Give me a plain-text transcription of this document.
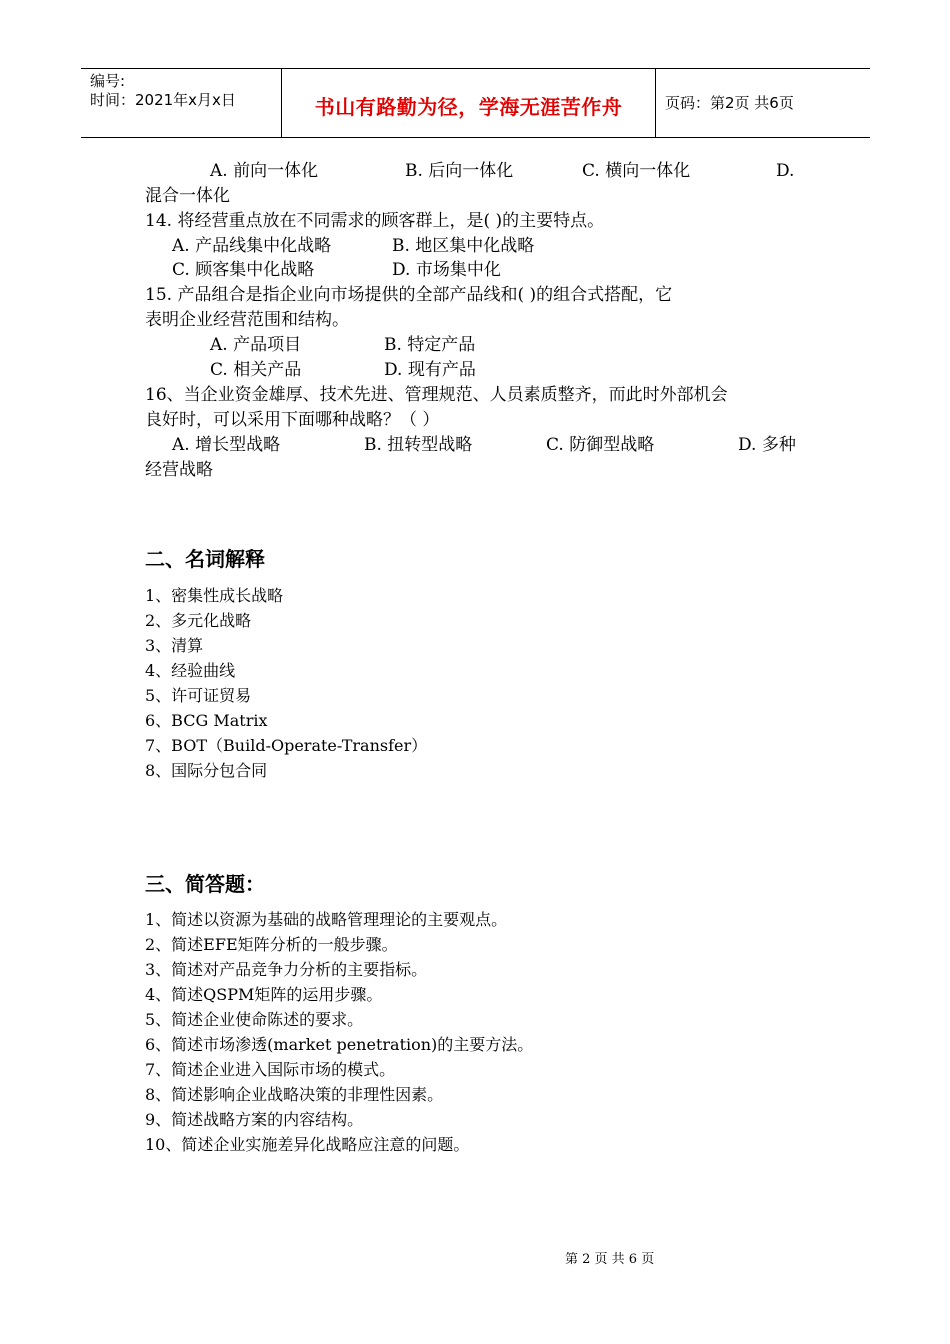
编号:
时间：2021年x月x日	书山有路勤为径，学海无涯苦作舟	页码：第2页 共6页
A. 前向一体化	B. 后向一体化	C. 横向一体化	D.
混合一体化
14. 将经营重点放在不同需求的顾客群上，是( )的主要特点。
A. 产品线集中化战略	B. 地区集中化战略
C. 顾客集中化战略	D. 市场集中化
15. 产品组合是指企业向市场提供的全部产品线和( )的组合式搭配，它
表明企业经营范围和结构。
A. 产品项目	B. 特定产品
C. 相关产品	D. 现有产品
16、当企业资金雄厚、技术先进、管理规范、人员素质整齐，而此时外部机会
良好时，可以采用下面哪种战略？（ ）
A. 增长型战略	B. 扭转型战略	C. 防御型战略	D. 多种
经营战略
二、名词解释
1、密集性成长战略
2、多元化战略
3、清算
4、经验曲线
5、许可证贸易
6、BCG Matrix
7、BOT（Build-Operate-Transfer）
8、国际分包合同
三、简答题：
1、简述以资源为基础的战略管理理论的主要观点。
2、简述EFE矩阵分析的一般步骤。
3、简述对产品竞争力分析的主要指标。
4、简述QSPM矩阵的运用步骤。
5、简述企业使命陈述的要求。
6、简述市场渗透(market penetration)的主要方法。
7、简述企业进入国际市场的模式。
8、简述影响企业战略决策的非理性因素。
9、简述战略方案的内容结构。
10、简述企业实施差异化战略应注意的问题。
第 2 页 共 6 页
